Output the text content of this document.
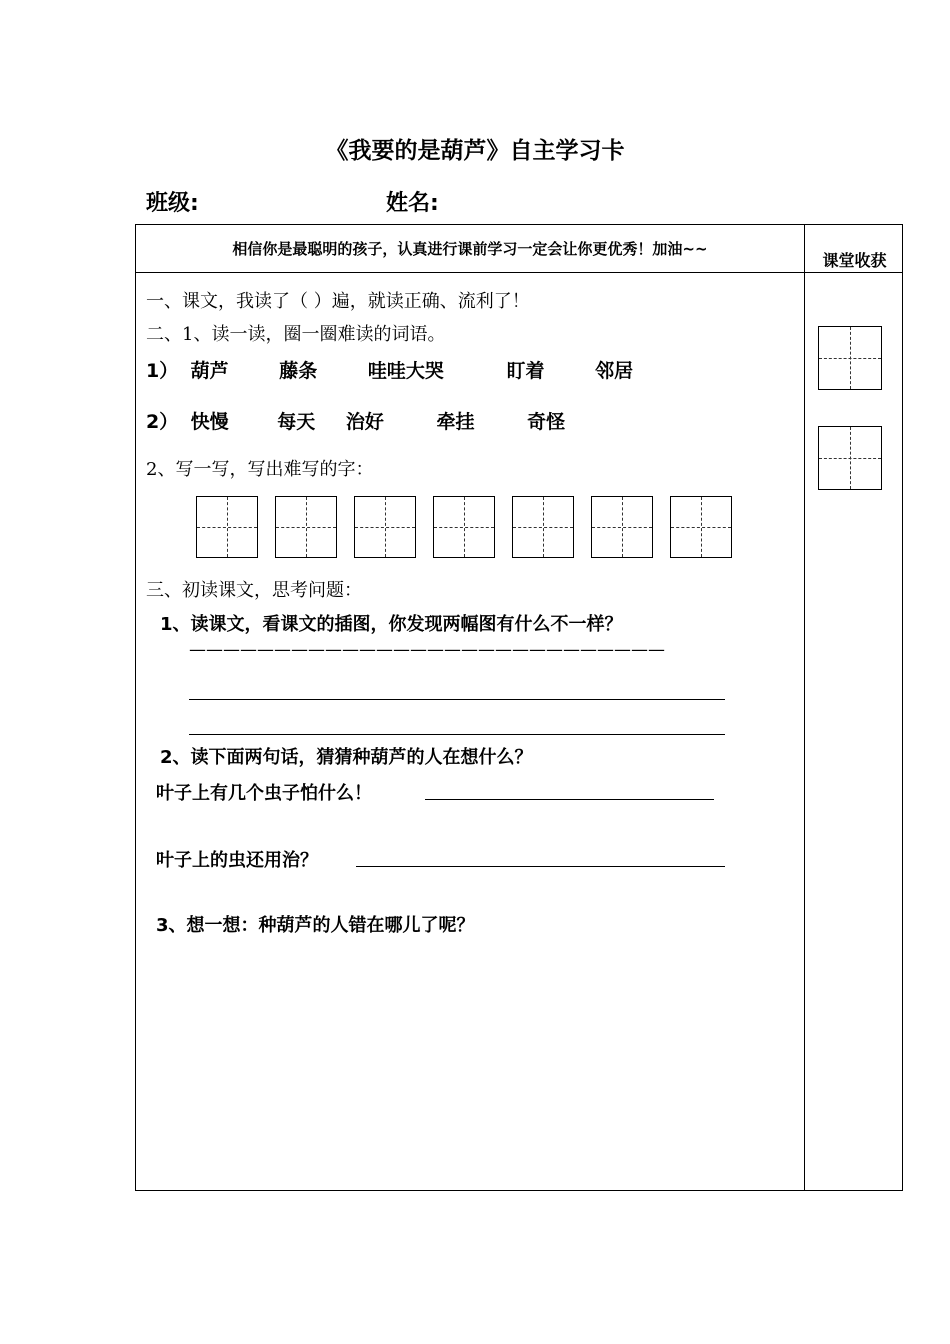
《我要的是葫芦》自主学习卡
班级:	姓名:
相信你是最聪明的孩子，认真进行课前学习一定会让你更优秀！加油~~
课堂收获
一、课文，我读了（ ）遍，就读正确、流利了！
二、1、读一读，圈一圈难读的词语。
1） 葫芦	藤条	哇哇大哭	盯着	邻居
2） 快慢	每天 治好	牵挂	奇怪
2、写一写，写出难写的字：
三、初读课文，思考问题：
1、读课文，看课文的插图，你发现两幅图有什么不一样？
————————————————————————————
2、读下面两句话，猜猜种葫芦的人在想什么？
叶子上有几个虫子怕什么！
叶子上的虫还用治？
3、想一想：种葫芦的人错在哪儿了呢？
